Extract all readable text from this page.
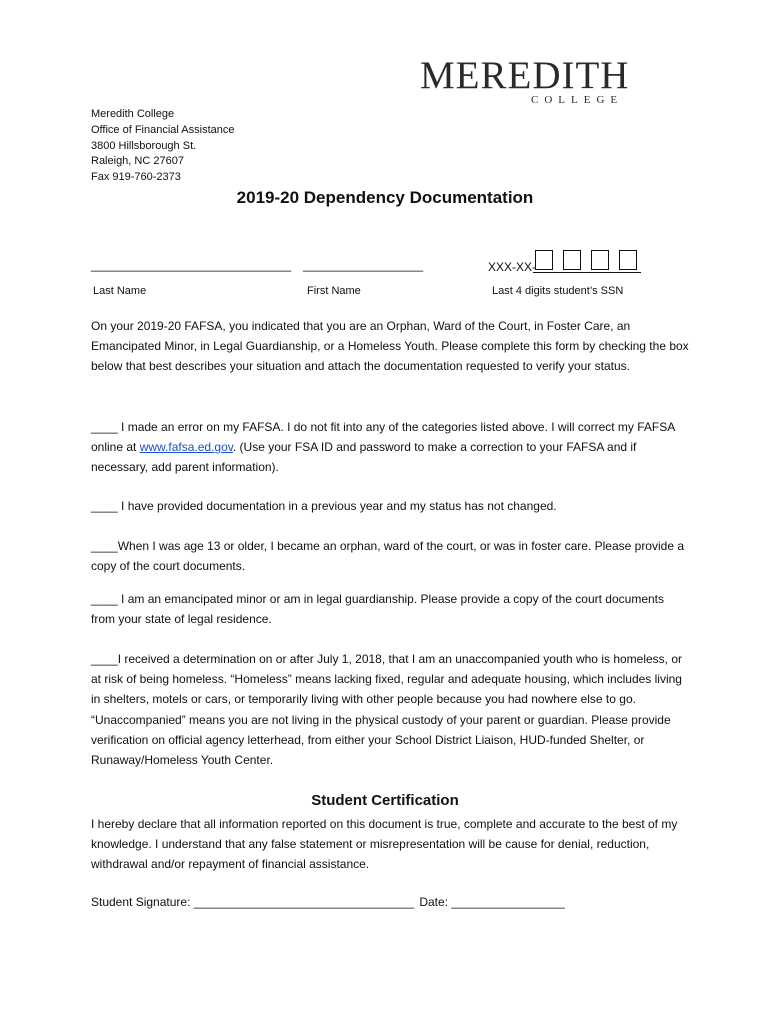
MEREDITH
COLLEGE
Meredith College
Office of Financial Assistance
3800 Hillsborough St.
Raleigh, NC 27607
Fax 919-760-2373
2019-20 Dependency Documentation
______________________________ __________________
Last Name	First Name
XXX-XX-
Last 4 digits student’s SSN
On your 2019-20 FAFSA, you indicated that you are an Orphan, Ward of the Court, in Foster Care, an Emancipated Minor, in Legal Guardianship, or a Homeless Youth. Please complete this form by checking the box below that best describes your situation and attach the documentation requested to verify your status.
____ I made an error on my FAFSA. I do not fit into any of the categories listed above. I will correct my FAFSA online at www.fafsa.ed.gov. (Use your FSA ID and password to make a correction to your FAFSA and if necessary, add parent information).
____ I have provided documentation in a previous year and my status has not changed.
____When I was age 13 or older, I became an orphan, ward of the court, or was in foster care. Please provide a copy of the court documents.
____ I am an emancipated minor or am in legal guardianship. Please provide a copy of the court documents from your state of legal residence.
____I received a determination on or after July 1, 2018, that I am an unaccompanied youth who is homeless, or at risk of being homeless. “Homeless” means lacking fixed, regular and adequate housing, which includes living in shelters, motels or cars, or temporarily living with other people because you had nowhere else to go. “Unaccompanied” means you are not living in the physical custody of your parent or guardian. Please provide verification on official agency letterhead, from either your School District Liaison, HUD-funded Shelter, or Runaway/Homeless Youth Center.
Student Certification
I hereby declare that all information reported on this document is true, complete and accurate to the best of my knowledge. I understand that any false statement or misrepresentation will be cause for denial, reduction, withdrawal and/or repayment of financial assistance.
Student Signature: _________________________________ Date: _________________
